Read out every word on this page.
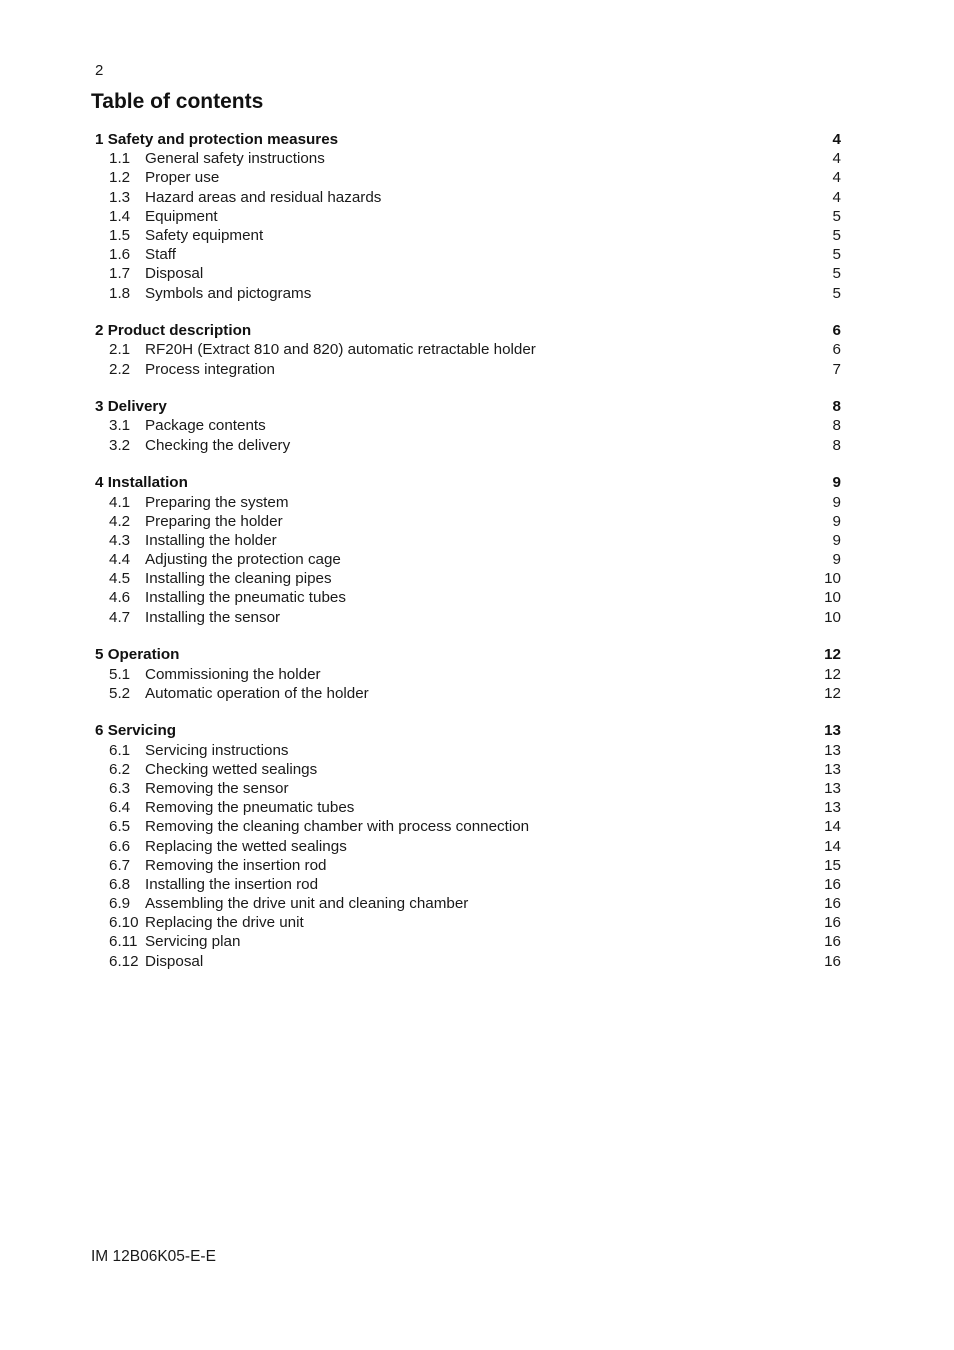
2
Table of contents
1 Safety and protection measures	4
1.1 General safety instructions	4
1.2 Proper use	4
1.3 Hazard areas and residual hazards	4
1.4 Equipment	5
1.5 Safety equipment	5
1.6 Staff	5
1.7 Disposal	5
1.8 Symbols and pictograms	5
2 Product description	6
2.1 RF20H (Extract 810 and 820) automatic retractable holder	6
2.2 Process integration	7
3 Delivery	8
3.1 Package contents	8
3.2 Checking the delivery	8
4 Installation	9
4.1 Preparing the system	9
4.2 Preparing the holder	9
4.3 Installing the holder	9
4.4 Adjusting the protection cage	9
4.5 Installing the cleaning pipes	10
4.6 Installing the pneumatic tubes	10
4.7 Installing the sensor	10
5 Operation	12
5.1 Commissioning the holder	12
5.2 Automatic operation of the holder	12
6 Servicing	13
6.1 Servicing instructions	13
6.2 Checking wetted sealings	13
6.3 Removing the sensor	13
6.4 Removing the pneumatic tubes	13
6.5 Removing the cleaning chamber with process connection	14
6.6 Replacing the wetted sealings	14
6.7 Removing the insertion rod	15
6.8 Installing the insertion rod	16
6.9 Assembling the drive unit and cleaning chamber	16
6.10 Replacing the drive unit	16
6.11 Servicing plan	16
6.12 Disposal	16
IM 12B06K05-E-E
